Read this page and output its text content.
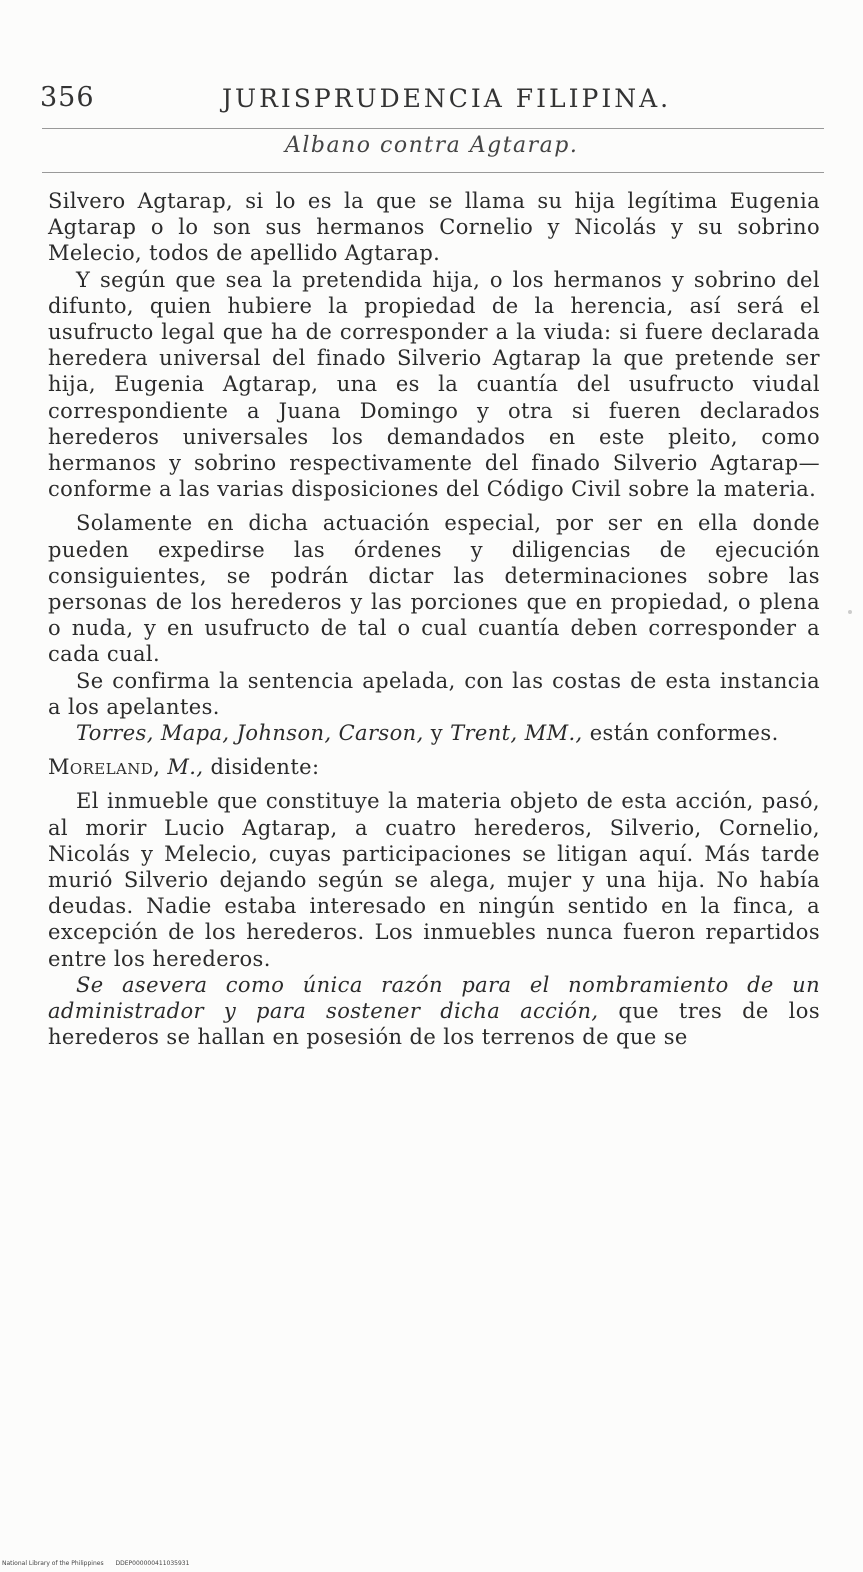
356	JURISPRUDENCIA FILIPINA.
Albano contra Agtarap.

Silvero Agtarap, si lo es la que se llama su hija legítima Eugenia Agtarap o lo son sus hermanos Cornelio y Nicolás y su sobrino Melecio, todos de apellido Agtarap.

Y según que sea la pretendida hija, o los hermanos y sobrino del difunto, quien hubiere la propiedad de la herencia, así será el usufructo legal que ha de corresponder a la viuda: si fuere declarada heredera universal del finado Silverio Agtarap la que pretende ser hija, Eugenia Agtarap, una es la cuantía del usufructo viudal correspondiente a Juana Domingo y otra si fueren declarados herederos universales los demandados en este pleito, como hermanos y sobrino respectivamente del finado Silverio Agtarap—conforme a las varias disposiciones del Código Civil sobre la materia.

Solamente en dicha actuación especial, por ser en ella donde pueden expedirse las órdenes y diligencias de ejecución consiguientes, se podrán dictar las determinaciones sobre las personas de los herederos y las porciones que en propiedad, o plena o nuda, y en usufructo de tal o cual cuantía deben corresponder a cada cual.

Se confirma la sentencia apelada, con las costas de esta instancia a los apelantes.

Torres, Mapa, Johnson, Carson, y Trent, MM., están conformes.

Moreland, M., disidente:

El inmueble que constituye la materia objeto de esta acción, pasó, al morir Lucio Agtarap, a cuatro herederos, Silverio, Cornelio, Nicolás y Melecio, cuyas participaciones se litigan aquí. Más tarde murió Silverio dejando según se alega, mujer y una hija. No había deudas. Nadie estaba interesado en ningún sentido en la finca, a excepción de los herederos. Los inmuebles nunca fueron repartidos entre los herederos.

Se asevera como única razón para el nombramiento de un administrador y para sostener dicha acción, que tres de los herederos se hallan en posesión de los terrenos de que se

National Library of the Philippines DDEP000000411035931
